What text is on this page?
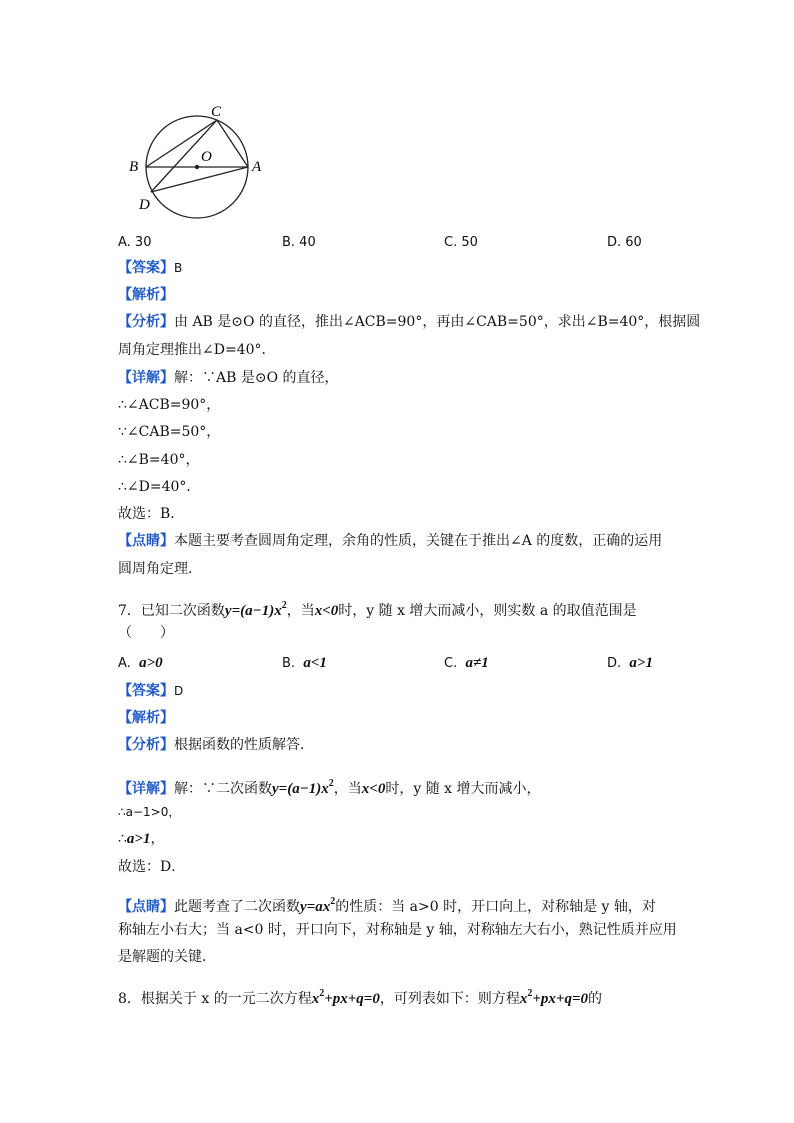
C
O
B	A
D
A. 30	B. 40	C. 50	D. 60
【答案】B
【解析】
【分析】由 AB 是⊙O 的直径，推出∠ACB=90°，再由∠CAB=50°，求出∠B=40°，根据圆
周角定理推出∠D=40°．
【详解】解：∵AB 是⊙O 的直径，
∴∠ACB=90°，
∵∠CAB=50°，
∴∠B=40°，
∴∠D=40°．
故选：B．
【点睛】本题主要考查圆周角定理，余角的性质，关键在于推出∠A 的度数，正确的运用
圆周角定理．
7．已知二次函数$y=(a-1)x^2$，当x<0时，y 随 x 增大而减小，则实数 a 的取值范围是
（　　）
A. a>0	B. a<1	C. a≠1	D. a>1
【答案】D
【解析】
【分析】根据函数的性质解答．
【详解】解：∵二次函数$y=(a-1)x^2$，当x<0时，y 随 x 增大而减小，
∴a−1>0，
∴a>1，
故选：D．
【点睛】此题考查了二次函数$y=ax^2$的性质：当 a>0 时，开口向上，对称轴是 y 轴，对
称轴左小右大；当 a<0 时，开口向下，对称轴是 y 轴，对称轴左大右小，熟记性质并应用
是解题的关键．
8．根据关于 x 的一元二次方程$x^2+px+q=0$，可列表如下：则方程$x^2+px+q=0$的
